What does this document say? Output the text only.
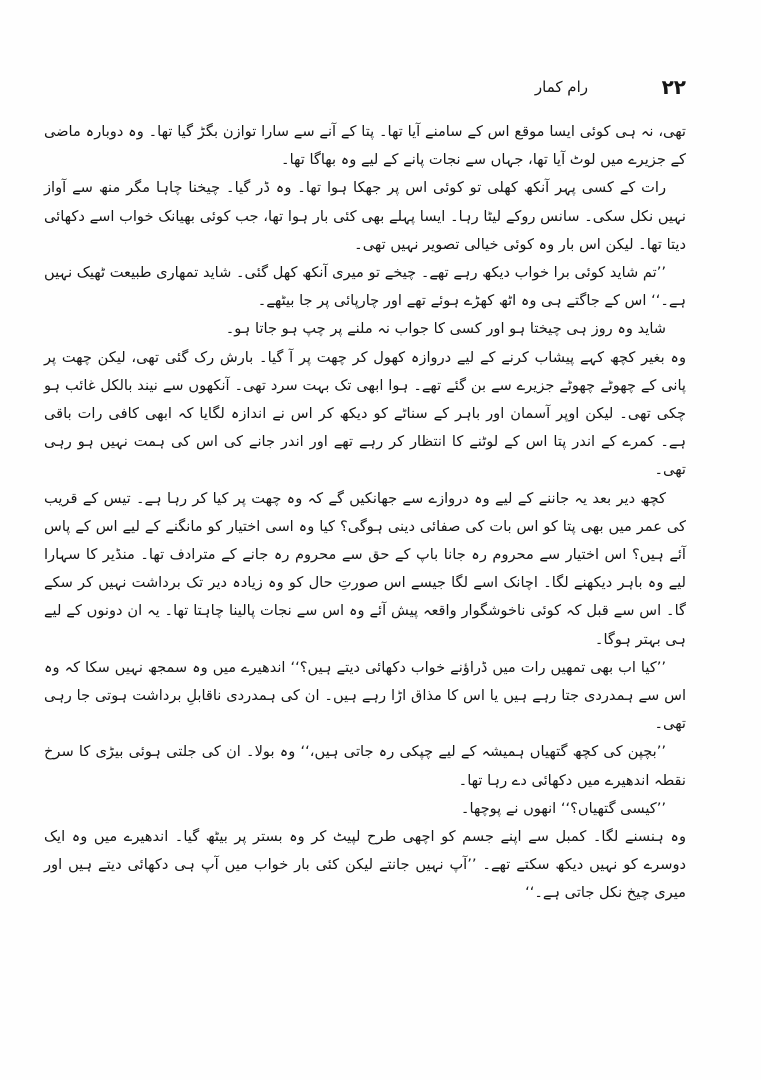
۲۲
رام کمار

تھی، نہ ہی کوئی ایسا موقع اس کے سامنے آیا تھا۔ پتا کے آنے سے سارا توازن بگڑ گیا تھا۔ وہ دوبارہ ماضی کے جزیرے میں لوٹ آیا تھا، جہاں سے نجات پانے کے لیے وہ بھاگا تھا۔

رات کے کسی پہر آنکھ کھلی تو کوئی اس پر جھکا ہوا تھا۔ وہ ڈر گیا۔ چیخنا چاہا مگر منھ سے آواز نہیں نکل سکی۔ سانس روکے لیٹا رہا۔ ایسا پہلے بھی کئی بار ہوا تھا، جب کوئی بھیانک خواب اسے دکھائی دیتا تھا۔ لیکن اس بار وہ کوئی خیالی تصویر نہیں تھی۔

’’تم شاید کوئی برا خواب دیکھ رہے تھے۔ چیخے تو میری آنکھ کھل گئی۔ شاید تمھاری طبیعت ٹھیک نہیں ہے۔‘‘ اس کے جاگتے ہی وہ اٹھ کھڑے ہوئے تھے اور چارپائی پر جا بیٹھے۔

شاید وہ روز ہی چیختا ہو اور کسی کا جواب نہ ملنے پر چپ ہو جاتا ہو۔

وہ بغیر کچھ کہے پیشاب کرنے کے لیے دروازہ کھول کر چھت پر آ گیا۔ بارش رک گئی تھی، لیکن چھت پر پانی کے چھوٹے چھوٹے جزیرے سے بن گئے تھے۔ ہوا ابھی تک بہت سرد تھی۔ آنکھوں سے نیند بالکل غائب ہو چکی تھی۔ لیکن اوپر آسمان اور باہر کے سناٹے کو دیکھ کر اس نے اندازہ لگایا کہ ابھی کافی رات باقی ہے۔ کمرے کے اندر پتا اس کے لوٹنے کا انتظار کر رہے تھے اور اندر جانے کی اس کی ہمت نہیں ہو رہی تھی۔

کچھ دیر بعد یہ جاننے کے لیے وہ دروازے سے جھانکیں گے کہ وہ چھت پر کیا کر رہا ہے۔ تیس کے قریب کی عمر میں بھی پتا کو اس بات کی صفائی دینی ہوگی؟ کیا وہ اسی اختیار کو مانگنے کے لیے اس کے پاس آئے ہیں؟ اس اختیار سے محروم رہ جانا باپ کے حق سے محروم رہ جانے کے مترادف تھا۔ منڈیر کا سہارا لیے وہ باہر دیکھنے لگا۔ اچانک اسے لگا جیسے اس صورتِ حال کو وہ زیادہ دیر تک برداشت نہیں کر سکے گا۔ اس سے قبل کہ کوئی ناخوشگوار واقعہ پیش آئے وہ اس سے نجات پالینا چاہتا تھا۔ یہ ان دونوں کے لیے ہی بہتر ہوگا۔

’’کیا اب بھی تمھیں رات میں ڈراؤنے خواب دکھائی دیتے ہیں؟‘‘ اندھیرے میں وہ سمجھ نہیں سکا کہ وہ اس سے ہمدردی جتا رہے ہیں یا اس کا مذاق اڑا رہے ہیں۔ ان کی ہمدردی ناقابلِ برداشت ہوتی جا رہی تھی۔

’’بچپن کی کچھ گتھیاں ہمیشہ کے لیے چپکی رہ جاتی ہیں،‘‘ وہ بولا۔ ان کی جلتی ہوئی بیڑی کا سرخ نقطہ اندھیرے میں دکھائی دے رہا تھا۔

’’کیسی گتھیاں؟‘‘ انھوں نے پوچھا۔

وہ ہنسنے لگا۔ کمبل سے اپنے جسم کو اچھی طرح لپیٹ کر وہ بستر پر بیٹھ گیا۔ اندھیرے میں وہ ایک دوسرے کو نہیں دیکھ سکتے تھے۔ ’’آپ نہیں جانتے لیکن کئی بار خواب میں آپ ہی دکھائی دیتے ہیں اور میری چیخ نکل جاتی ہے۔‘‘
